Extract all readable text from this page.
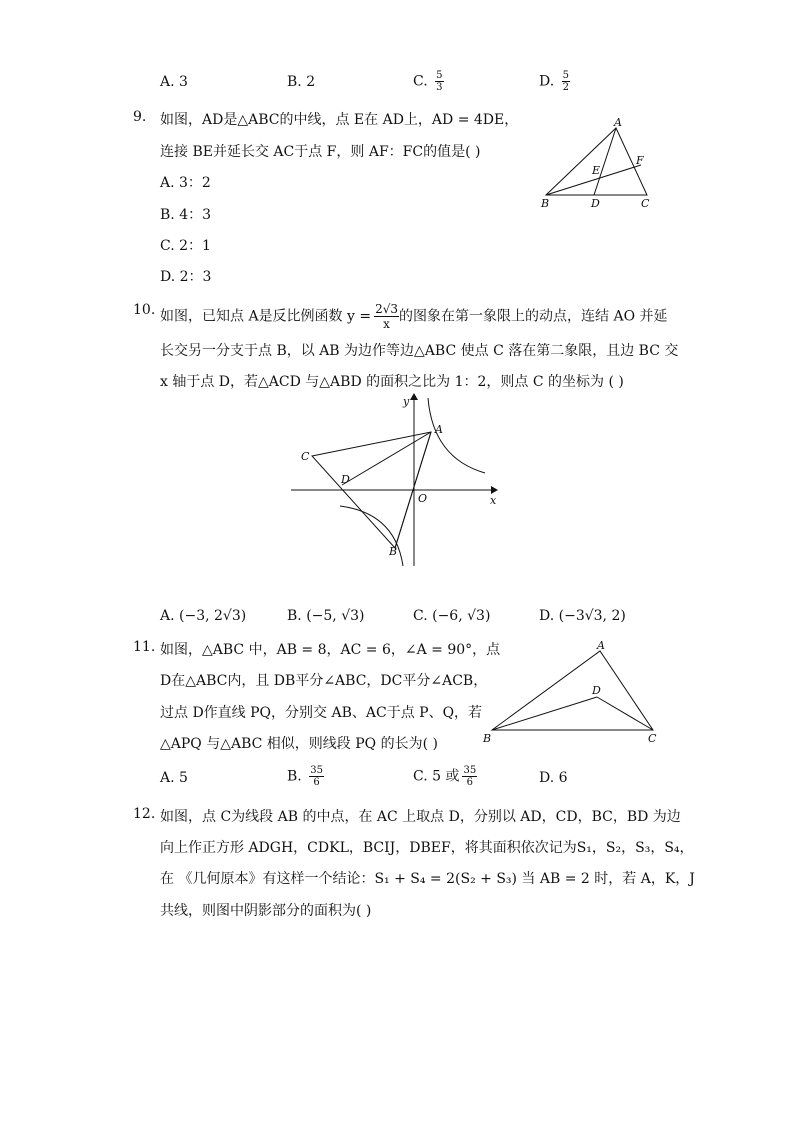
A. 3	B. 2	C. $\frac{5}{3}$	D. $\frac{5}{2}$
9. 如图，AD是△ABC的中线，点 E在 AD上，AD = 4DE，
连接 BE并延长交 AC于点 F，则 AF：FC的值是( )
A. 3：2
B. 4：3
C. 2：1
D. 2：3
A
B	C
D
E
F
10. 如图，已知点 A是反比例函数 $y = \frac{2√3}{x}$ 的图象在第一象限上的动点，连结 AO 并延
长交另一分支于点 B，以 AB 为边作等边△ABC 使点 C 落在第二象限，且边 BC 交
x 轴于点 D，若△ACD 与△ABD 的面积之比为 1：2，则点 C 的坐标为 ( )
y
x
A
B
C
D
O
A. (−3, 2√3)	B. (−5, √3)	C. (−6, √3)	D. (−3√3, 2)
11. 如图，△ABC 中，AB = 8，AC = 6，∠A = 90°，点
D在△ABC内，且 DB平分∠ABC，DC平分∠ACB，
过点 D作直线 PQ，分别交 AB、AC于点 P、Q，若
△APQ 与△ABC 相似，则线段 PQ 的长为( )
A
B	C
D
A. 5	B. $\frac{35}{6}$	C. 5 或 $\frac{35}{6}$	D. 6
12. 如图，点 C为线段 AB 的中点，在 AC 上取点 D，分别以 AD，CD，BC，BD 为边
向上作正方形 ADGH，CDKL，BCIJ，DBEF，将其面积依次记为S₁，S₂，S₃，S₄，
在 《几何原本》有这样一个结论：S₁ + S₄ = 2(S₂ + S₃) 当 AB = 2 时，若 A，K，J
共线，则图中阴影部分的面积为( )
